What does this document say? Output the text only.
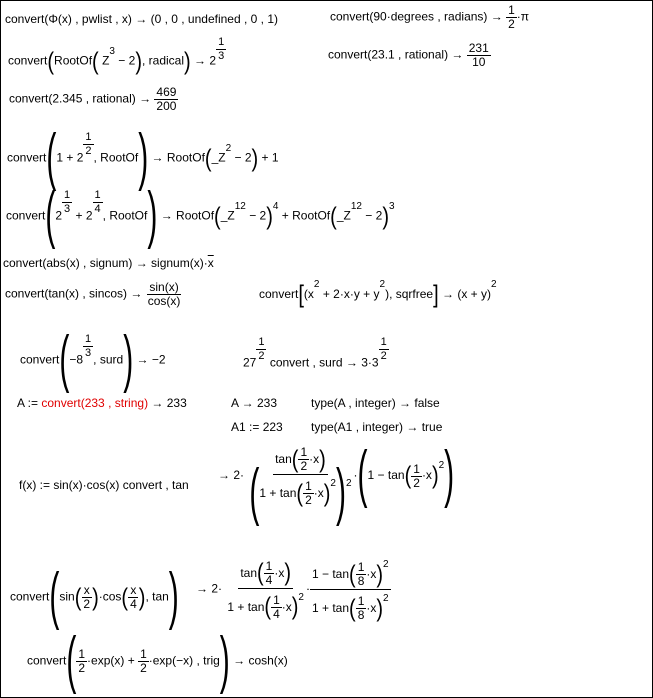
convert(Φ(x) , pwlist , x) → (0 , 0 , undefined , 0 , 1)	convert(90·degrees , radians) → $\frac{1}{2} \cdot\pi$
convert(RootOf( $Z^3 - 2$), radical) → $2 \frac{1}{3}$	convert(23.1 , rational) → $\frac{231}{10}$
convert(2.345 , rational) → $\frac{469}{200}$
convert(1 + $2 \frac{1}{2}$ , RootOf) → $RootOf(\_Z^2 - 2) + 1$
convert(2 $\frac{1}{3} + 2 \frac{1}{4}$ , RootOf) → $RootOf(\_Z^{12} - 2)^4$ + $RootOf(\_Z^{12} - 2)^3$
convert(abs(x) , signum) → $signum(x)\cdot\overline{x}$
convert(tan(x) , $sincos) \to \frac{\sin(x)}{\cos(x)}$	$convert[(x^2 + 2\cdot x\cdot y + y^2)$, sqrfree] → $(x + y)^2$
convert(−8 $\frac{1}{3}$ , surd) → −2	$27 \frac{1}{2}$ convert , surd → $3\cdot 3 \frac{1}{2}$
A := convert(233 , string) → 233	A → 233	type(A , integer) → false
A1 := 223 type(A1 , integer) → true
f(x) := sin(x)·cos(x) convert , tan
→ $2\cdot \frac{\tan( \frac{1}{2} \cdot x)}{(1 + \tan( \frac{1}{2} \cdot x)^2)^2} \cdot(1 - \tan( \frac{1}{2} \cdot x)^2)$
convert(sin( $\frac{x}{2} )\cdot\cos( \frac{x}{4}$ ), $\tan) \to 2\cdot \frac{\tan( \frac{1}{4} \cdot x)}{1 + \tan( \frac{1}{4} \cdot x)^2} \cdot \frac{1 - \tan( \frac{1}{8} \cdot x)^2}{1 + \tan( \frac{1}{8} \cdot x)^2}$
convert( $\frac{1}{2} \cdot\exp(x) + \frac{1}{2} \cdot\exp(-x)$ , trig) → cosh(x)
